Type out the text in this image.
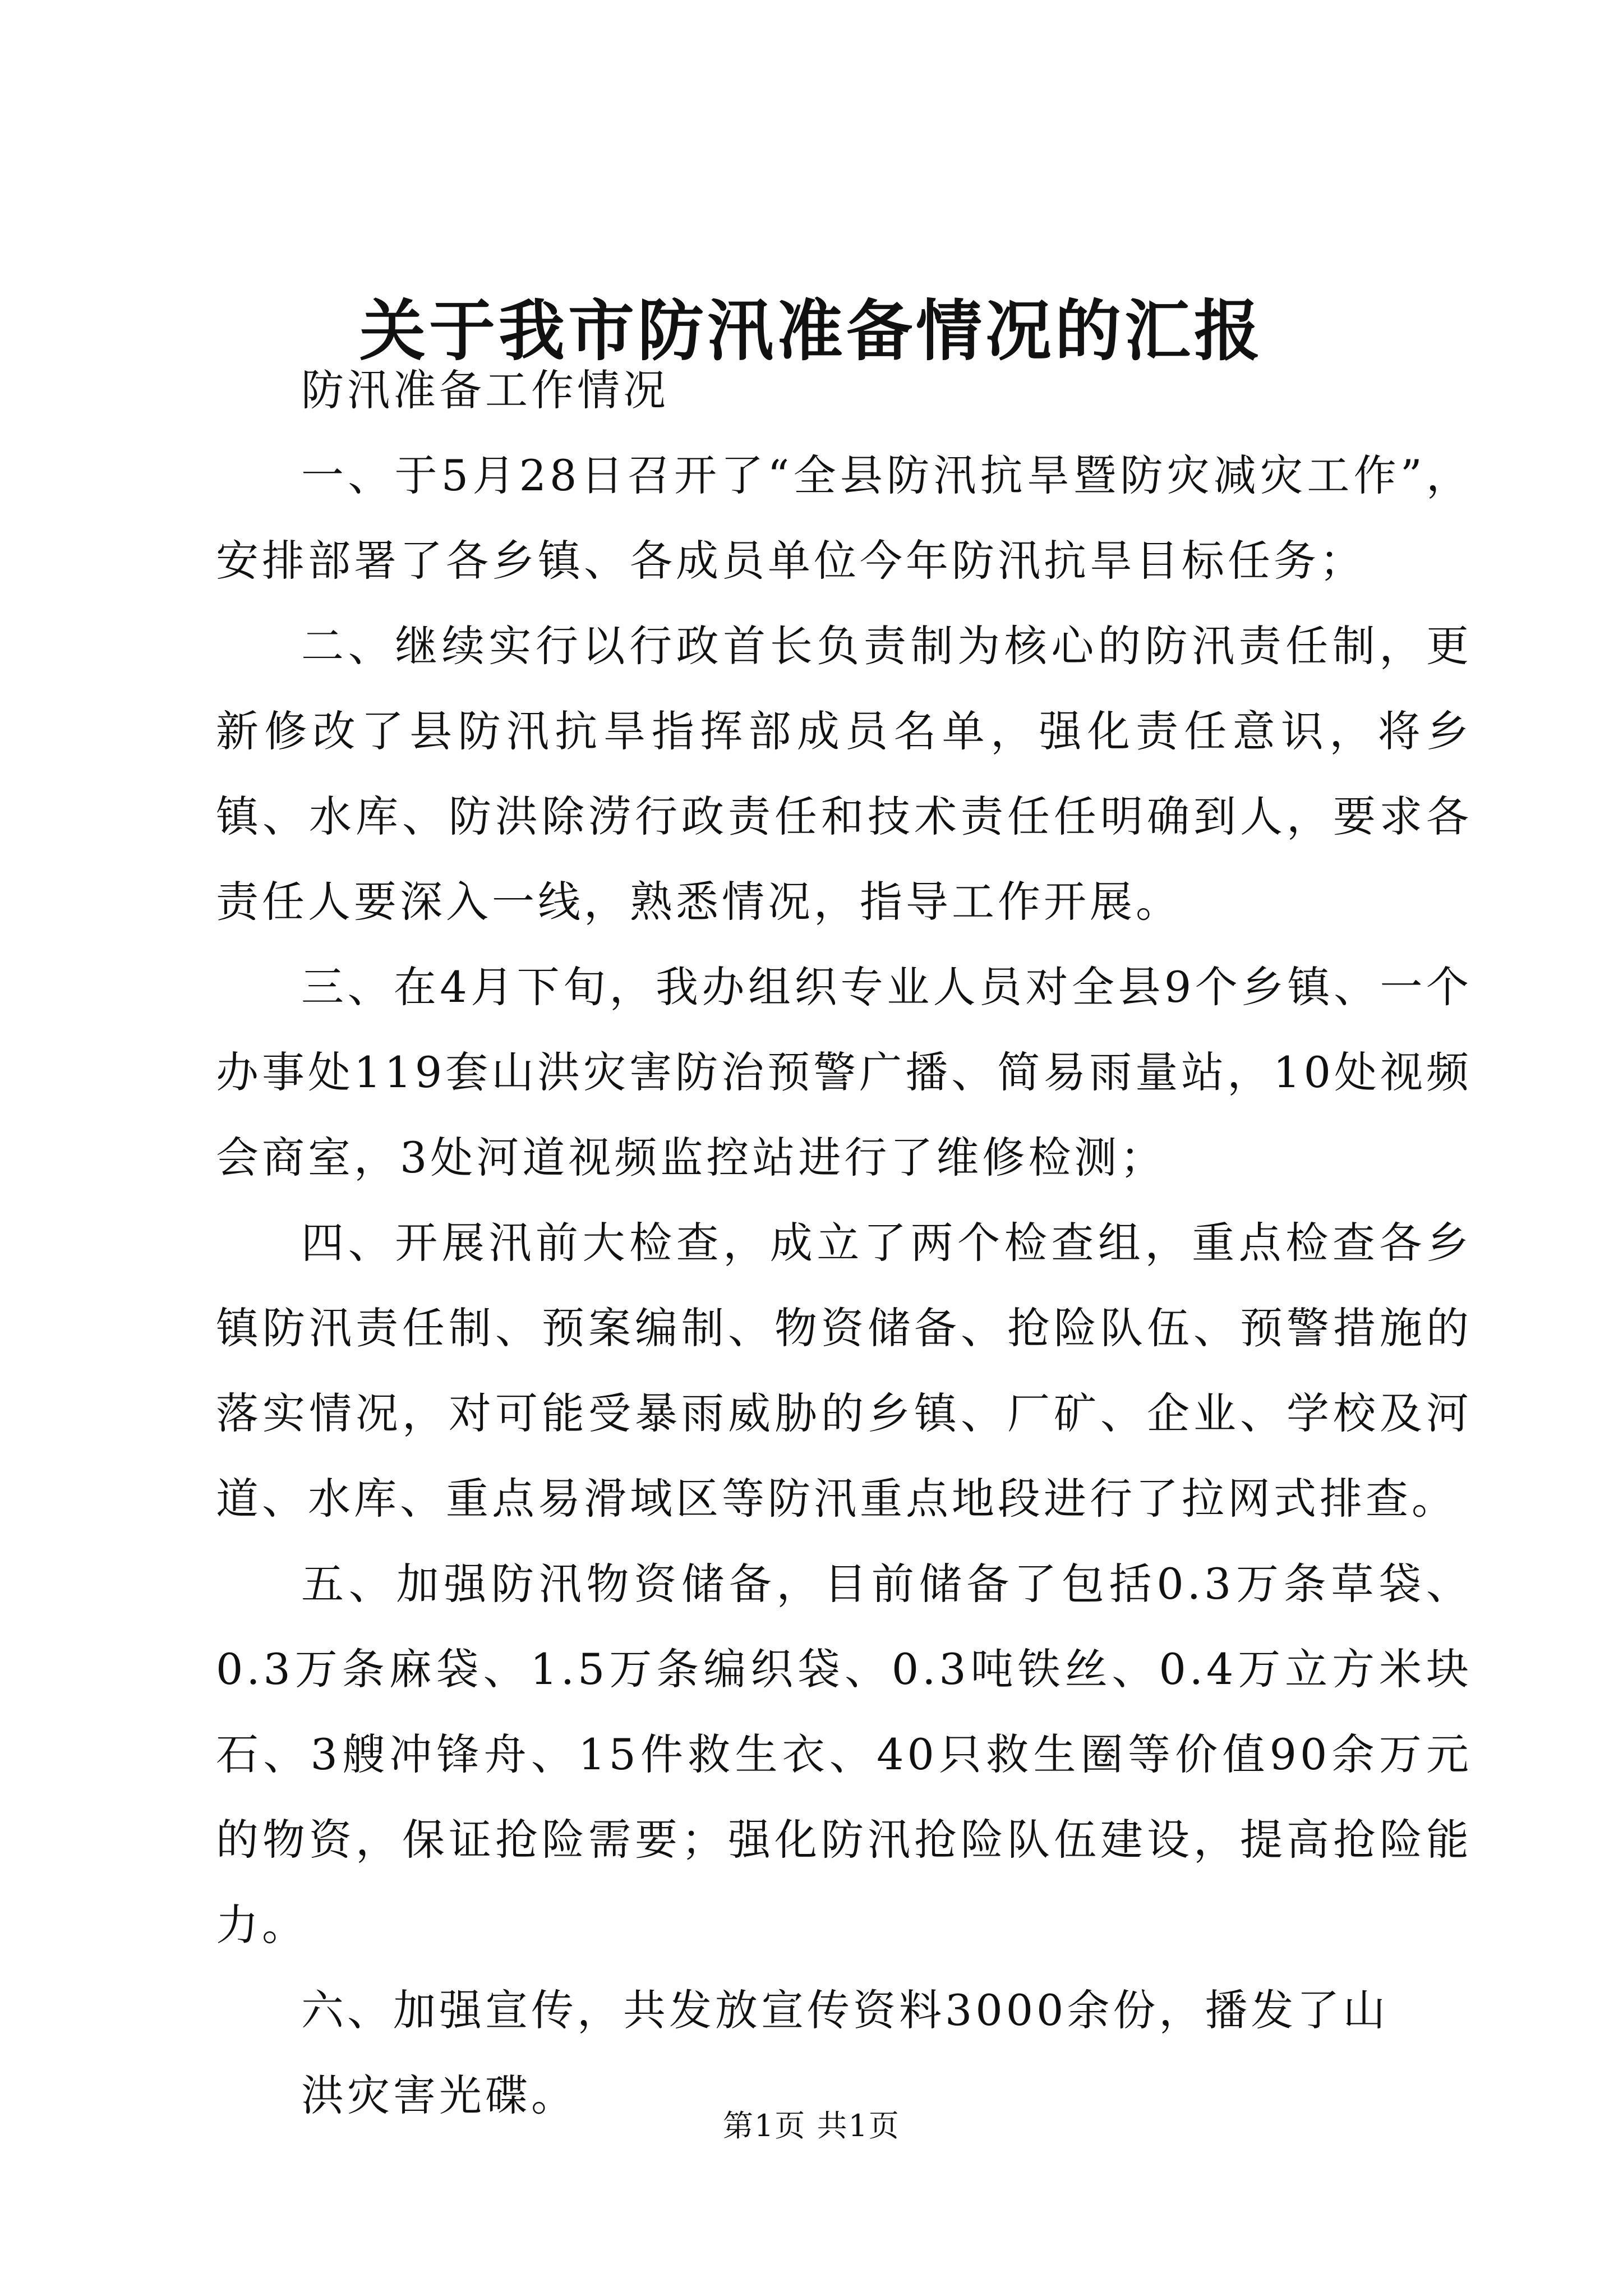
关于我市防汛准备情况的汇报

防汛准备工作情况

一、于5月28日召开了“全县防汛抗旱暨防灾减灾工作”，安排部署了各乡镇、各成员单位今年防汛抗旱目标任务；

二、继续实行以行政首长负责制为核心的防汛责任制，更新修改了县防汛抗旱指挥部成员名单，强化责任意识，将乡镇、水库、防洪除涝行政责任和技术责任任明确到人，要求各责任人要深入一线，熟悉情况，指导工作开展。

三、在4月下旬，我办组织专业人员对全县9个乡镇、一个办事处119套山洪灾害防治预警广播、简易雨量站，10处视频会商室，3处河道视频监控站进行了维修检测；

四、开展汛前大检查，成立了两个检查组，重点检查各乡镇防汛责任制、预案编制、物资储备、抢险队伍、预警措施的落实情况，对可能受暴雨威胁的乡镇、厂矿、企业、学校及河道、水库、重点易滑域区等防汛重点地段进行了拉网式排查。

五、加强防汛物资储备，目前储备了包括0.3万条草袋、0.3万条麻袋、1.5万条编织袋、0.3吨铁丝、0.4万立方米块石、3艘冲锋舟、15件救生衣、40只救生圈等价值90余万元的物资，保证抢险需要；强化防汛抢险队伍建设，提高抢险能力。

六、加强宣传，共发放宣传资料3000余份，播发了山

洪灾害光碟。

第1页 共1页
